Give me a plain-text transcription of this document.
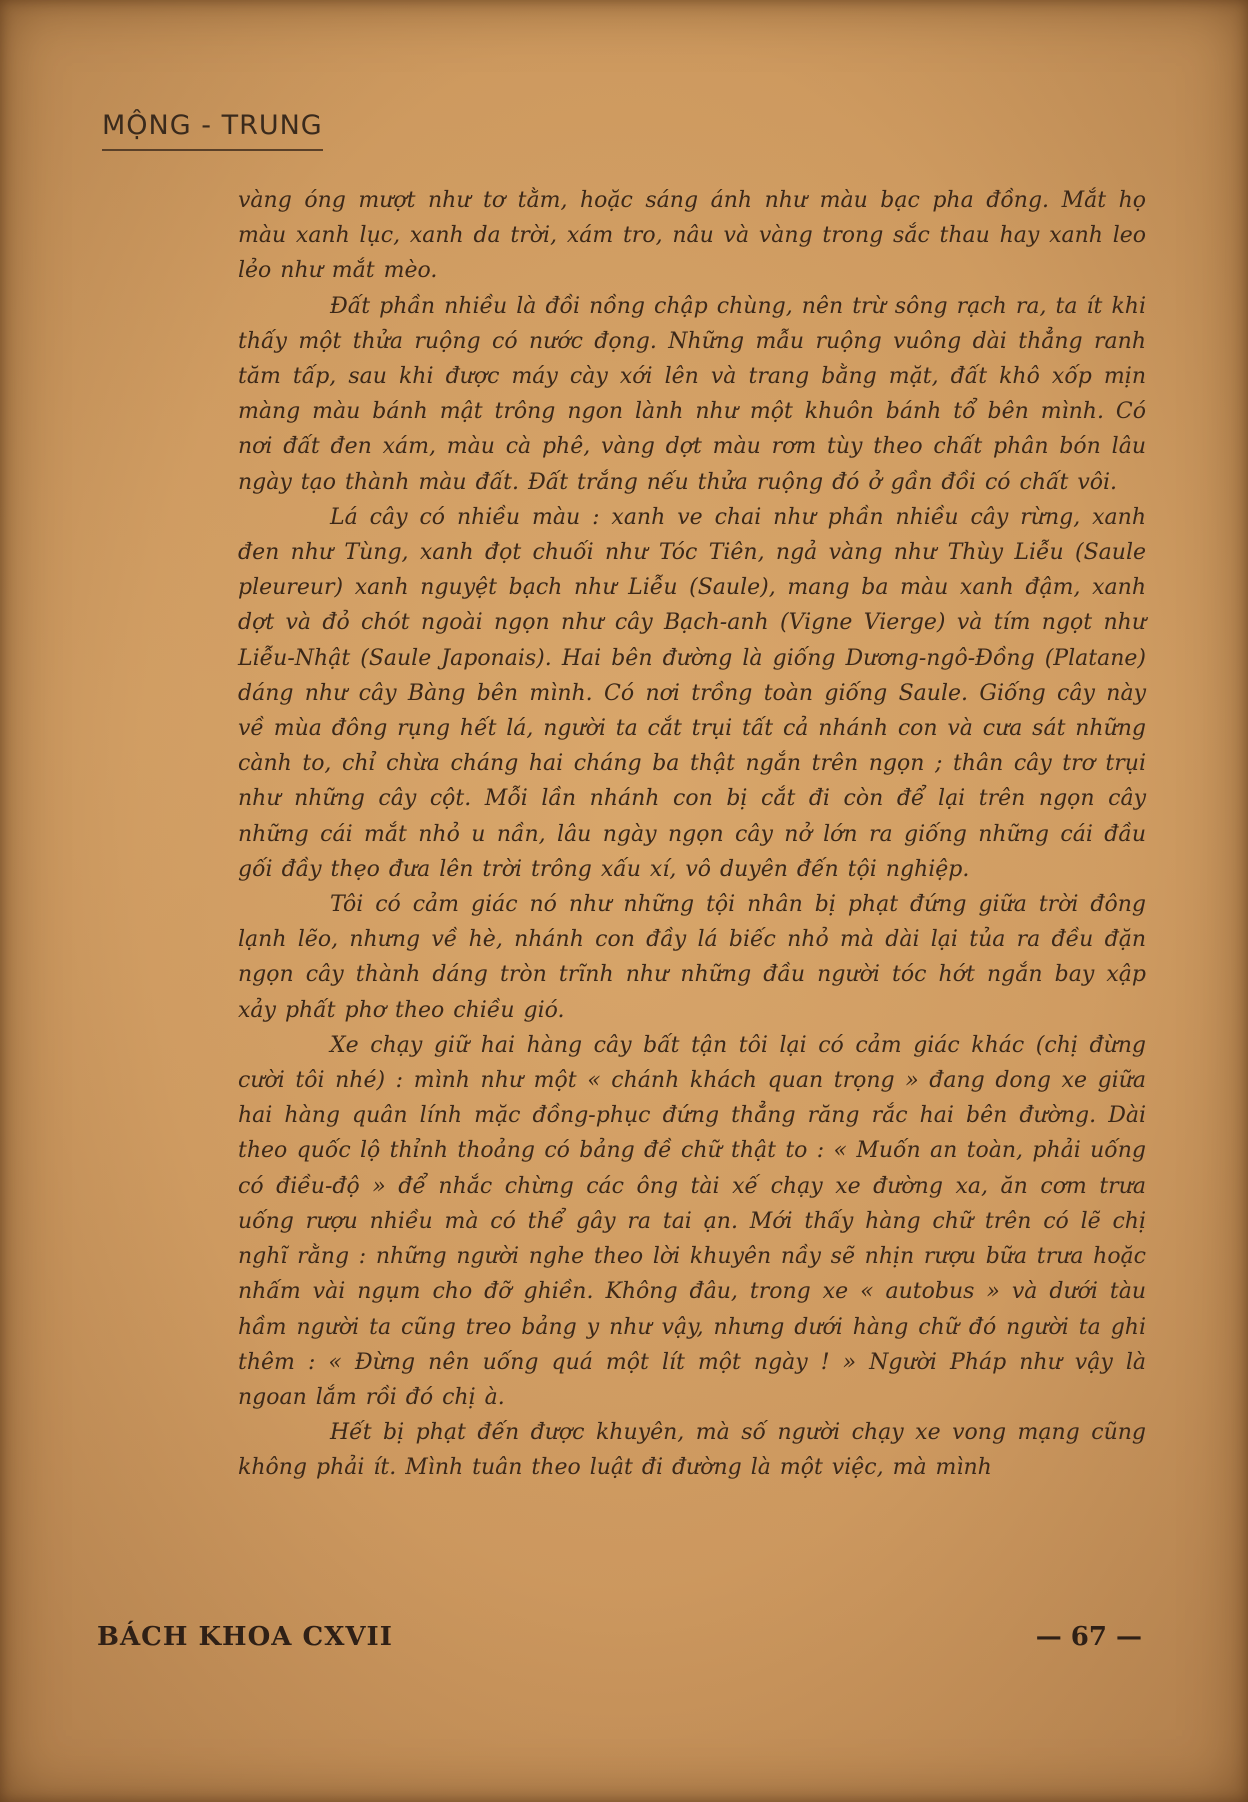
MỘNG - TRUNG

vàng óng mượt như tơ tằm, hoặc sáng ánh như màu bạc pha đồng. Mắt họ màu xanh lục, xanh da trời, xám tro, nâu và vàng trong sắc thau hay xanh leo lẻo như mắt mèo.

Đất phần nhiều là đồi nồng chập chùng, nên trừ sông rạch ra, ta ít khi thấy một thửa ruộng có nước đọng. Những mẫu ruộng vuông dài thẳng ranh tăm tấp, sau khi được máy cày xới lên và trang bằng mặt, đất khô xốp mịn màng màu bánh mật trông ngon lành như một khuôn bánh tổ bên mình. Có nơi đất đen xám, màu cà phê, vàng dợt màu rơm tùy theo chất phân bón lâu ngày tạo thành màu đất. Đất trắng nếu thửa ruộng đó ở gần đồi có chất vôi.

Lá cây có nhiều màu : xanh ve chai như phần nhiều cây rừng, xanh đen như Tùng, xanh đọt chuối như Tóc Tiên, ngả vàng như Thùy Liễu (Saule pleureur) xanh nguyệt bạch như Liễu (Saule), mang ba màu xanh đậm, xanh dợt và đỏ chót ngoài ngọn như cây Bạch-anh (Vigne Vierge) và tím ngọt như Liễu-Nhật (Saule Japonais). Hai bên đường là giống Dương-ngô-Đồng (Platane) dáng như cây Bàng bên mình. Có nơi trồng toàn giống Saule. Giống cây này về mùa đông rụng hết lá, người ta cắt trụi tất cả nhánh con và cưa sát những cành to, chỉ chừa cháng hai cháng ba thật ngắn trên ngọn ; thân cây trơ trụi như những cây cột. Mỗi lần nhánh con bị cắt đi còn để lại trên ngọn cây những cái mắt nhỏ u nần, lâu ngày ngọn cây nở lớn ra giống những cái đầu gối đầy thẹo đưa lên trời trông xấu xí, vô duyên đến tội nghiệp.

Tôi có cảm giác nó như những tội nhân bị phạt đứng giữa trời đông lạnh lẽo, nhưng về hè, nhánh con đầy lá biếc nhỏ mà dài lại tủa ra đều đặn ngọn cây thành dáng tròn trĩnh như những đầu người tóc hớt ngắn bay xập xảy phất phơ theo chiều gió.

Xe chạy giữ hai hàng cây bất tận tôi lại có cảm giác khác (chị đừng cười tôi nhé) : mình như một « chánh khách quan trọng » đang dong xe giữa hai hàng quân lính mặc đồng-phục đứng thẳng răng rắc hai bên đường. Dài theo quốc lộ thỉnh thoảng có bảng đề chữ thật to : « Muốn an toàn, phải uống có điều-độ » để nhắc chừng các ông tài xế chạy xe đường xa, ăn cơm trưa uống rượu nhiều mà có thể gây ra tai ạn. Mới thấy hàng chữ trên có lẽ chị nghĩ rằng : những người nghe theo lời khuyên nầy sẽ nhịn rượu bữa trưa hoặc nhấm vài ngụm cho đỡ ghiền. Không đâu, trong xe « autobus » và dưới tàu hầm người ta cũng treo bảng y như vậy, nhưng dưới hàng chữ đó người ta ghi thêm : « Đừng nên uống quá một lít một ngày ! » Người Pháp như vậy là ngoan lắm rồi đó chị à.

Hết bị phạt đến được khuyên, mà số người chạy xe vong mạng cũng không phải ít. Mình tuân theo luật đi đường là một việc, mà mình

BÁCH KHOA CXVII	— 67 —
